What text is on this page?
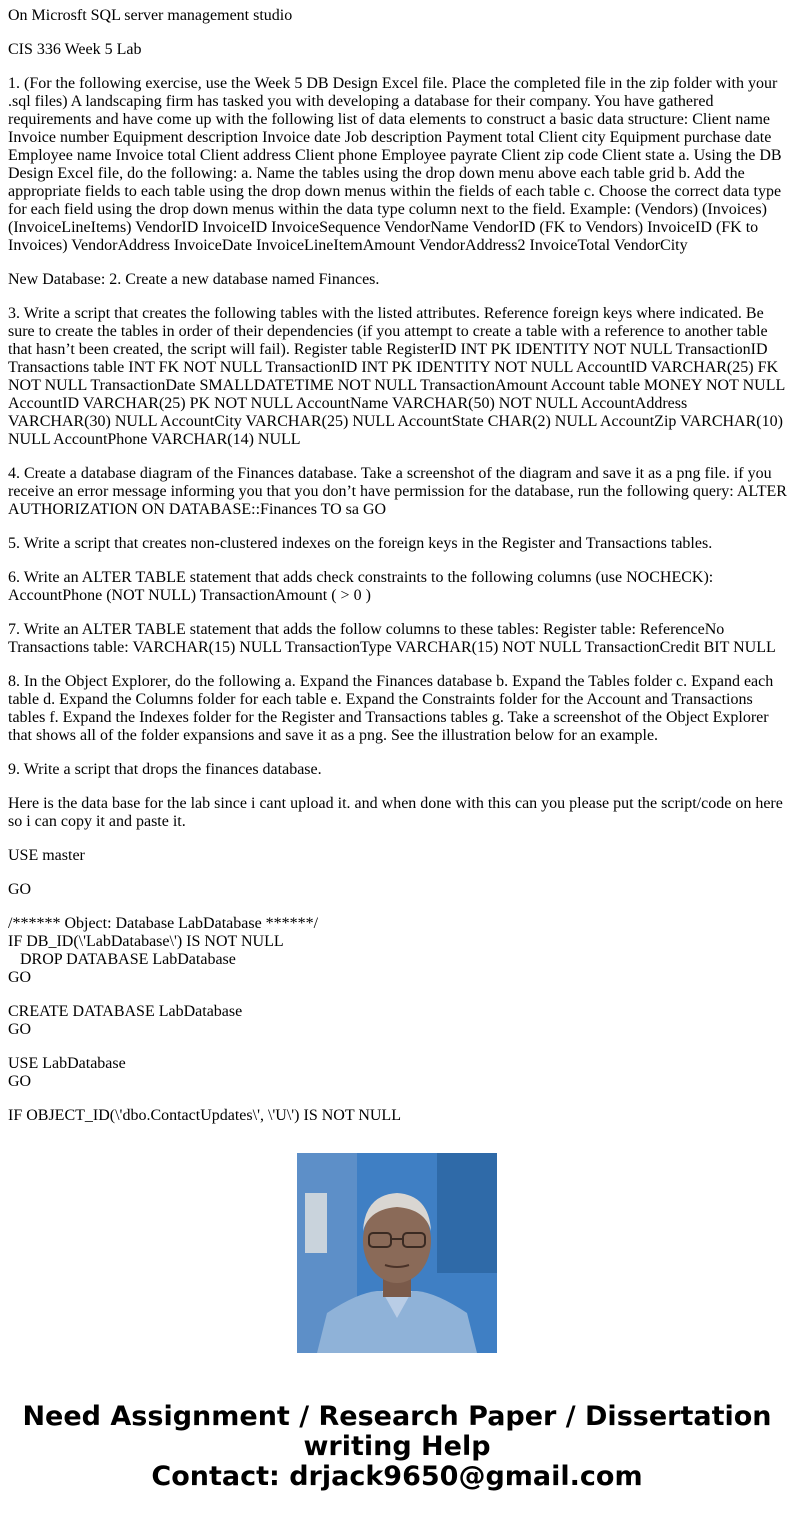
On Microsft SQL server management studio

CIS 336 Week 5 Lab

1. (For the following exercise, use the Week 5 DB Design Excel file. Place the completed file in the zip folder with your .sql files) A landscaping firm has tasked you with developing a database for their company. You have gathered requirements and have come up with the following list of data elements to construct a basic data structure: Client name Invoice number Equipment description Invoice date Job description Payment total Client city Equipment purchase date Employee name Invoice total Client address Client phone Employee payrate Client zip code Client state a. Using the DB Design Excel file, do the following: a. Name the tables using the drop down menu above each table grid b. Add the appropriate fields to each table using the drop down menus within the fields of each table c. Choose the correct data type for each field using the drop down menus within the data type column next to the field. Example: (Vendors) (Invoices) (InvoiceLineItems) VendorID InvoiceID InvoiceSequence VendorName VendorID (FK to Vendors) InvoiceID (FK to Invoices) VendorAddress InvoiceDate InvoiceLineItemAmount VendorAddress2 InvoiceTotal VendorCity

New Database: 2. Create a new database named Finances.

3. Write a script that creates the following tables with the listed attributes. Reference foreign keys where indicated. Be sure to create the tables in order of their dependencies (if you attempt to create a table with a reference to another table that hasn’t been created, the script will fail). Register table RegisterID INT PK IDENTITY NOT NULL TransactionID Transactions table INT FK NOT NULL TransactionID INT PK IDENTITY NOT NULL AccountID VARCHAR(25) FK NOT NULL TransactionDate SMALLDATETIME NOT NULL TransactionAmount Account table MONEY NOT NULL AccountID VARCHAR(25) PK NOT NULL AccountName VARCHAR(50) NOT NULL AccountAddress VARCHAR(30) NULL AccountCity VARCHAR(25) NULL AccountState CHAR(2) NULL AccountZip VARCHAR(10) NULL AccountPhone VARCHAR(14) NULL

4. Create a database diagram of the Finances database. Take a screenshot of the diagram and save it as a png file. if you receive an error message informing you that you don’t have permission for the database, run the following query: ALTER AUTHORIZATION ON DATABASE::Finances TO sa GO

5. Write a script that creates non-clustered indexes on the foreign keys in the Register and Transactions tables.

6. Write an ALTER TABLE statement that adds check constraints to the following columns (use NOCHECK): AccountPhone (NOT NULL) TransactionAmount ( > 0 )

7. Write an ALTER TABLE statement that adds the follow columns to these tables: Register table: ReferenceNo Transactions table: VARCHAR(15) NULL TransactionType VARCHAR(15) NOT NULL TransactionCredit BIT NULL

8. In the Object Explorer, do the following a. Expand the Finances database b. Expand the Tables folder c. Expand each table d. Expand the Columns folder for each table e. Expand the Constraints folder for the Account and Transactions tables f. Expand the Indexes folder for the Register and Transactions tables g. Take a screenshot of the Object Explorer that shows all of the folder expansions and save it as a png. See the illustration below for an example.

9. Write a script that drops the finances database.

Here is the data base for the lab since i cant upload it. and when done with this can you please put the script/code on here so i can copy it and paste it.

USE master

GO

/****** Object: Database LabDatabase ******/
IF DB_ID(\'LabDatabase\') IS NOT NULL
DROP DATABASE LabDatabase
GO

CREATE DATABASE LabDatabase
GO

USE LabDatabase
GO

IF OBJECT_ID(\'dbo.ContactUpdates\', \'U\') IS NOT NULL

Need Assignment / Research Paper / Dissertation
writing Help
Contact: drjack9650@gmail.com
